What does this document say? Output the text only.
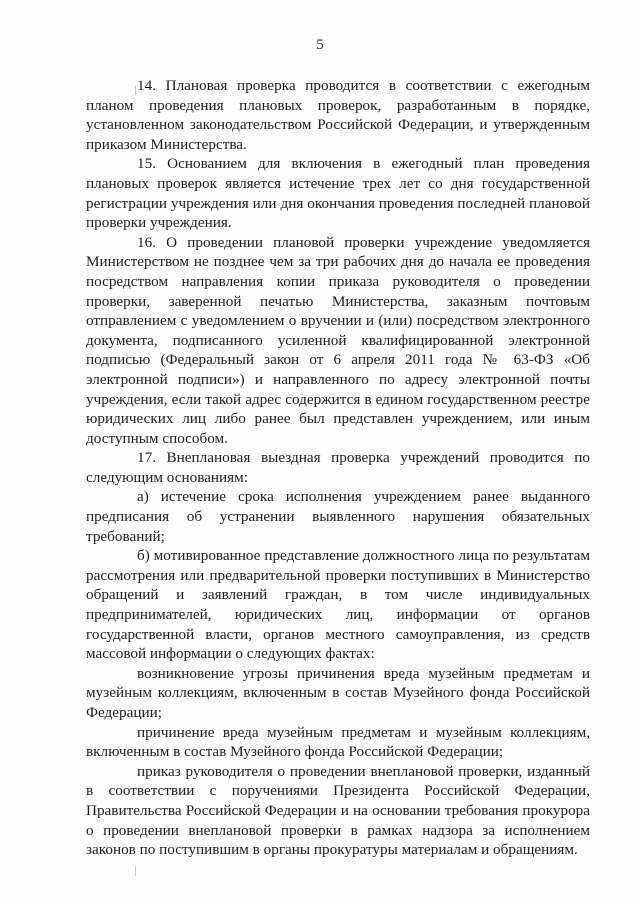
5

14. Плановая проверка проводится в соответствии с ежегодным планом проведения плановых проверок, разработанным в порядке, установленном законодательством Российской Федерации, и утвержденным приказом Министерства.

15. Основанием для включения в ежегодный план проведения плановых проверок является истечение трех лет со дня государственной регистрации учреждения или дня окончания проведения последней плановой проверки учреждения.

16. О проведении плановой проверки учреждение уведомляется Министерством не позднее чем за три рабочих дня до начала ее проведения посредством направления копии приказа руководителя о проведении проверки, заверенной печатью Министерства, заказным почтовым отправлением с уведомлением о вручении и (или) посредством электронного документа, подписанного усиленной квалифицированной электронной подписью (Федеральный закон от 6 апреля 2011 года № 63-ФЗ «Об электронной подписи») и направленного по адресу электронной почты учреждения, если такой адрес содержится в едином государственном реестре юридических лиц либо ранее был представлен учреждением, или иным доступным способом.

17. Внеплановая выездная проверка учреждений проводится по следующим основаниям:

а) истечение срока исполнения учреждением ранее выданного предписания об устранении выявленного нарушения обязательных требований;

б) мотивированное представление должностного лица по результатам рассмотрения или предварительной проверки поступивших в Министерство обращений и заявлений граждан, в том числе индивидуальных предпринимателей, юридических лиц, информации от органов государственной власти, органов местного самоуправления, из средств массовой информации о следующих фактах:

возникновение угрозы причинения вреда музейным предметам и музейным коллекциям, включенным в состав Музейного фонда Российской Федерации;

причинение вреда музейным предметам и музейным коллекциям, включенным в состав Музейного фонда Российской Федерации;

приказ руководителя о проведении внеплановой проверки, изданный в соответствии с поручениями Президента Российской Федерации, Правительства Российской Федерации и на основании требования прокурора о проведении внеплановой проверки в рамках надзора за исполнением законов по поступившим в органы прокуратуры материалам и обращениям.
